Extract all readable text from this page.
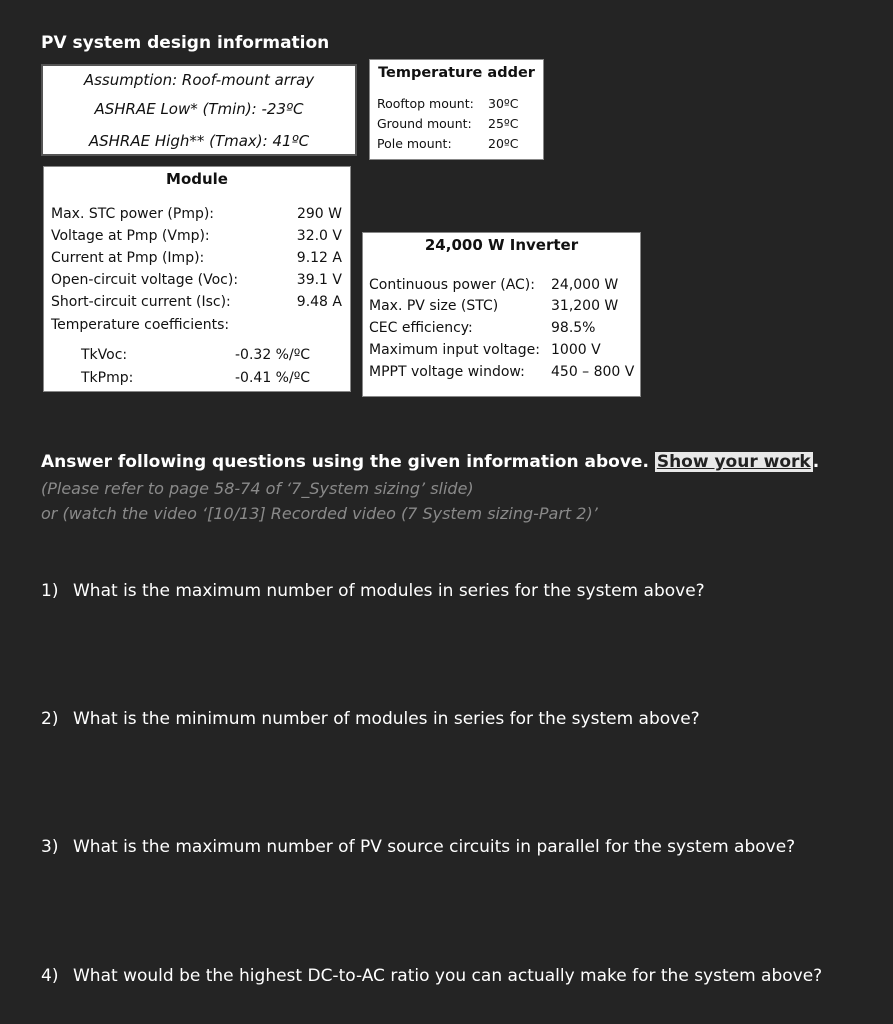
PV system design information
Assumption: Roof-mount array
ASHRAE Low* (Tmin): -23ºC
ASHRAE High** (Tmax): 41ºC
Temperature adder
Rooftop mount: 30ºC
Ground mount: 25ºC
Pole mount:	20ºC
Module
Max. STC power (Pmp):	290 W
Voltage at Pmp (Vmp):	32.0 V
Current at Pmp (Imp):	9.12 A
Open-circuit voltage (Voc):	39.1 V
Short-circuit current (Isc):	9.48 A
Temperature coefficients:
TkVoc:	-0.32 %/ºC
TkPmp:	-0.41 %/ºC
24,000 W Inverter
Continuous power (AC): 24,000 W
Max. PV size (STC)	31,200 W
CEC efficiency:	98.5%
Maximum input voltage: 1000 V
MPPT voltage window: 450 – 800 V
Answer following questions using the given information above. Show your work .
(Please refer to page 58-74 of ‘7_System sizing’ slide)
or (watch the video ‘[10/13] Recorded video (7 System sizing-Part 2)’
1) What is the maximum number of modules in series for the system above?
2) What is the minimum number of modules in series for the system above?
3) What is the maximum number of PV source circuits in parallel for the system above?
4) What would be the highest DC-to-AC ratio you can actually make for the system above?
